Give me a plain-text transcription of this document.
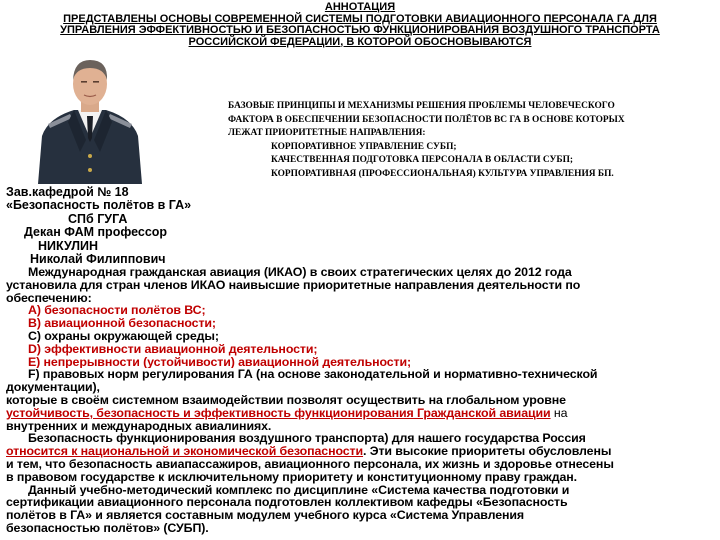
АННОТАЦИЯ
ПРЕДСТАВЛЕНЫ ОСНОВЫ СОВРЕМЕННОЙ СИСТЕМЫ ПОДГОТОВКИ АВИАЦИОННОГО ПЕРСОНАЛА ГА ДЛЯ
УПРАВЛЕНИЯ ЭФФЕКТИВНОСТЬЮ И БЕЗОПАСНОСТЬЮ ФУНКЦИОНИРОВАНИЯ ВОЗДУШНОГО ТРАНСПОРТА
РОССИЙСКОЙ ФЕДЕРАЦИИ, В КОТОРОЙ ОБОСНОВЫВАЮТСЯ
БАЗОВЫЕ ПРИНЦИПЫ И МЕХАНИЗМЫ РЕШЕНИЯ ПРОБЛЕМЫ ЧЕЛОВЕЧЕСКОГО
ФАКТОРА В ОБЕСПЕЧЕНИИ БЕЗОПАСНОСТИ ПОЛЁТОВ ВС ГА В ОСНОВЕ КОТОРЫХ
ЛЕЖАТ ПРИОРИТЕТНЫЕ НАПРАВЛЕНИЯ:
КОРПОРАТИВНОЕ УПРАВЛЕНИЕ СУБП;
КАЧЕСТВЕННАЯ ПОДГОТОВКА ПЕРСОНАЛА В ОБЛАСТИ СУБП;
КОРПОРАТИВНАЯ (ПРОФЕССИОНАЛЬНАЯ) КУЛЬТУРА УПРАВЛЕНИЯ БП.
Зав.кафедрой № 18
«Безопасность полётов в ГА»
СПб ГУГА
Декан ФАМ профессор
НИКУЛИН
Николай Филиппович
Международная гражданская авиация (ИКАО) в своих стратегических целях до 2012 года
установила для стран членов ИКАО наивысшие приоритетные направления деятельности по
обеспечению:
А) безопасности полётов ВС;
В) авиационной безопасности;
С) охраны окружающей среды;
D) эффективности авиационной деятельности;
Е) непрерывности (устойчивости) авиационной деятельности;
F) правовых норм регулирования ГА (на основе законодательной и нормативно-технической
документации),
которые в своём системном взаимодействии позволят осуществить на глобальном уровне
устойчивость, безопасность и эффективность функционирования Гражданской авиации на
внутренних и международных авиалиниях.
Безопасность функционирования воздушного транспорта) для нашего государства Россия
относится к национальной и экономической безопасности. Эти высокие приоритеты обусловлены
и тем, что безопасность авиапассажиров, авиационного персонала, их жизнь и здоровье отнесены
в правовом государстве к исключительному приоритету и конституционному праву граждан.
Данный учебно-методический комплекс по дисциплине «Система качества подготовки и
сертификации авиационного персонала подготовлен коллективом кафедры «Безопасность
полётов в ГА» и является составным модулем учебного курса «Система Управления
безопасностью полётов» (СУБП).
